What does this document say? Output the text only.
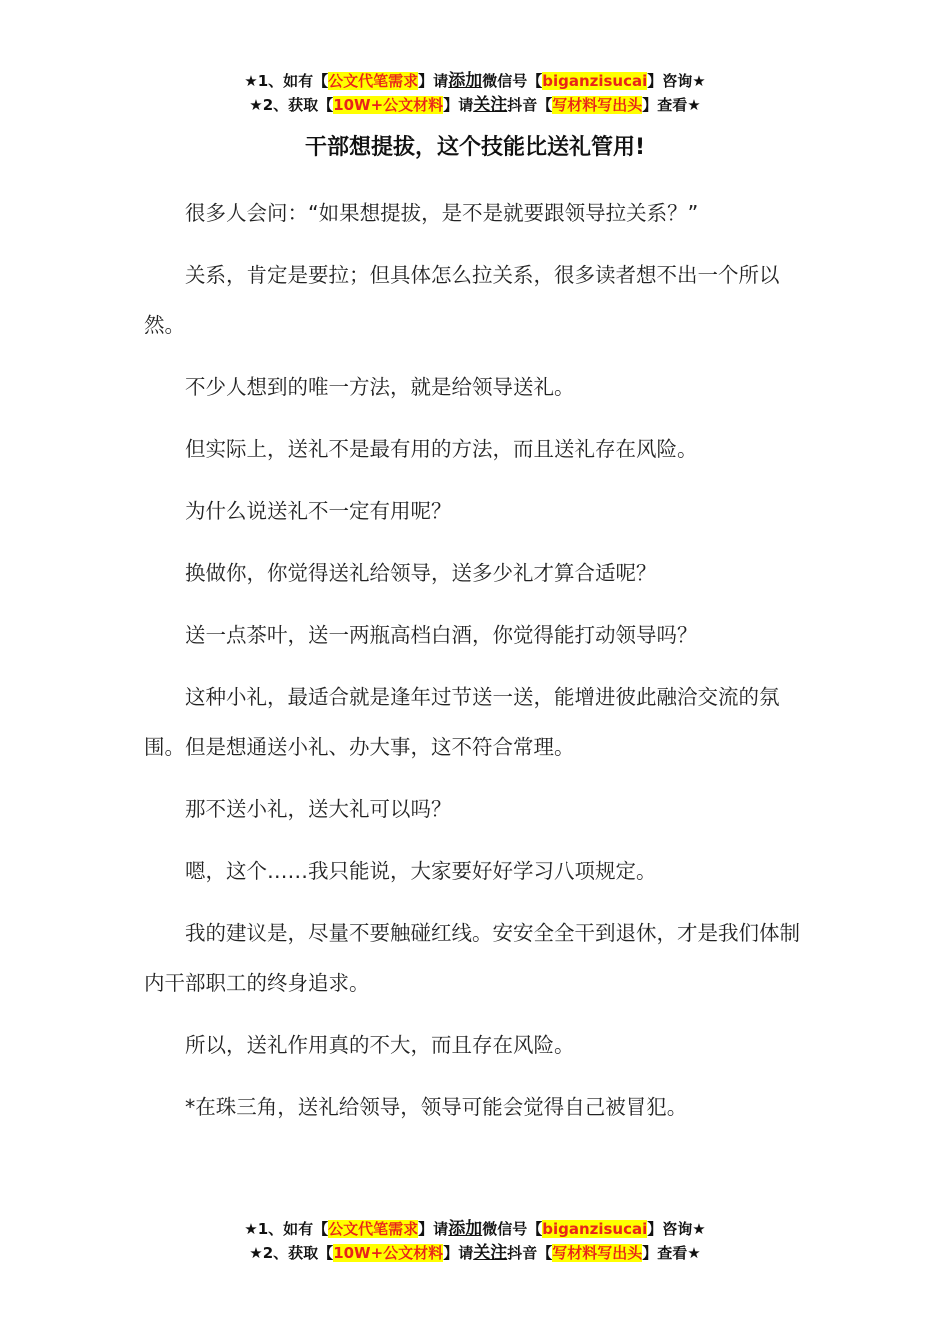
★1、如有【公文代笔需求】请添加微信号【biganzisucai】咨询★
★2、获取【10W+公文材料】请关注抖音【写材料写出头】查看★
干部想提拔，这个技能比送礼管用!

很多人会问：“如果想提拔，是不是就要跟领导拉关系？”

关系，肯定是要拉；但具体怎么拉关系，很多读者想不出一个所以然。

不少人想到的唯一方法，就是给领导送礼。

但实际上，送礼不是最有用的方法，而且送礼存在风险。

为什么说送礼不一定有用呢？

换做你，你觉得送礼给领导，送多少礼才算合适呢？

送一点茶叶，送一两瓶高档白酒，你觉得能打动领导吗？

这种小礼，最适合就是逢年过节送一送，能增进彼此融洽交流的氛围。但是想通送小礼、办大事，这不符合常理。

那不送小礼，送大礼可以吗？

嗯，这个……我只能说，大家要好好学习八项规定。

我的建议是，尽量不要触碰红线。安安全全干到退休，才是我们体制内干部职工的终身追求。

所以，送礼作用真的不大，而且存在风险。

*在珠三角，送礼给领导，领导可能会觉得自己被冒犯。

★1、如有【公文代笔需求】请添加微信号【biganzisucai】咨询★
★2、获取【10W+公文材料】请关注抖音【写材料写出头】查看★
